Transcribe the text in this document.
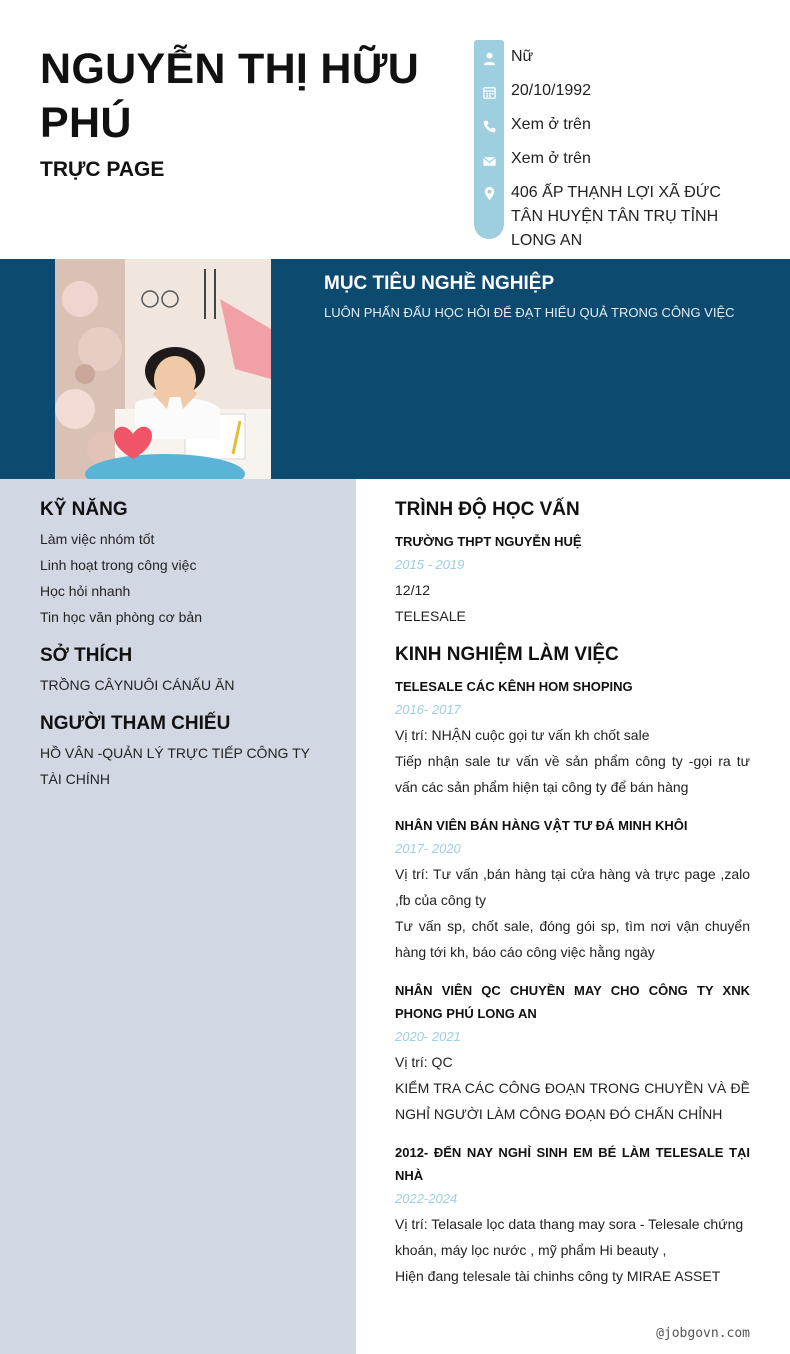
NGUYỄN THỊ HỮU PHÚ
TRỰC PAGE
Nữ
20/10/1992
Xem ở trên
Xem ở trên
406 ẤP THẠNH LỢI XÃ ĐỨC TÂN HUYỆN TÂN TRỤ TỈNH LONG AN
MỤC TIÊU NGHỀ NGHIỆP
LUÔN PHẤN ĐẤU HỌC HỎI ĐỂ ĐẠT HIỂU QUẢ TRONG CÔNG VIỆC
KỸ NĂNG
Làm việc nhóm tốt
Linh hoạt trong công việc
Học hỏi nhanh
Tin học văn phòng cơ bản
SỞ THÍCH
TRỒNG CÂYNUÔI CÁNẤU ĂN
NGƯỜI THAM CHIẾU
HỒ VÂN -QUẢN LÝ TRỰC TIẾP CÔNG TY TÀI CHÍNH
TRÌNH ĐỘ HỌC VẤN
TRƯỜNG THPT NGUYỄN HUỆ
2015 - 2019
12/12
TELESALE
KINH NGHIỆM LÀM VIỆC
TELESALE CÁC KÊNH HOM SHOPING
2016- 2017
Vị trí: NHẬN cuộc gọi tư vấn kh chốt sale
Tiếp nhận sale tư vấn về sản phẩm công ty -gọi ra tư vấn các sản phẩm hiện tại công ty để bán hàng
NHÂN VIÊN BÁN HÀNG VẬT TƯ ĐÁ MINH KHÔI
2017- 2020
Vị trí: Tư vấn ,bán hàng tại cửa hàng và trực page ,zalo ,fb của công ty
Tư vấn sp, chốt sale, đóng gói sp, tìm nơi vận chuyển hàng tới kh, báo cáo công việc hằng ngày
NHÂN VIÊN QC CHUYỀN MAY CHO CÔNG TY XNK PHONG PHÚ LONG AN
2020- 2021
Vị trí: QC
KIỂM TRA CÁC CÔNG ĐOẠN TRONG CHUYỀN VÀ ĐỀ NGHỈ NGƯỜI LÀM CÔNG ĐOẠN ĐÓ CHẤN CHỈNH
2012- ĐẾN NAY NGHỈ SINH EM BÉ LÀM TELESALE TẠI NHÀ
2022-2024
Vị trí: Telasale lọc data thang may sora - Telesale chứng khoán, máy lọc nước , mỹ phẩm Hi beauty ,
Hiện đang telesale tài chinhs công ty MIRAE ASSET
@jobgovn.com
